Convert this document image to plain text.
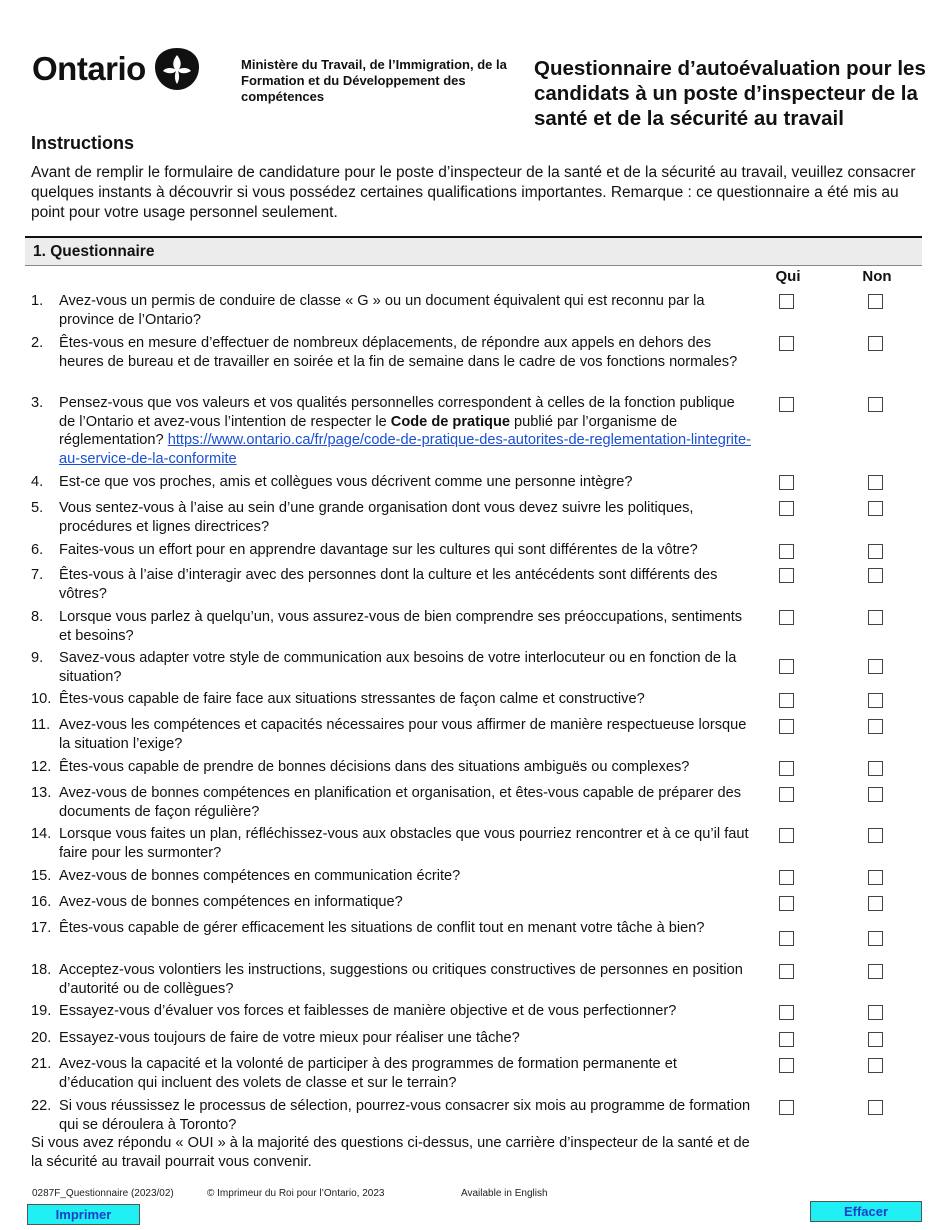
Ontario	Ministère du Travail, de l’Immigration, de la Formation et du Développement des compétences
Questionnaire d’autoévaluation pour les candidats à un poste d’inspecteur de la santé et de la sécurité au travail
Instructions
Avant de remplir le formulaire de candidature pour le poste d’inspecteur de la santé et de la sécurité au travail, veuillez consacrer quelques instants à découvrir si vous possédez certaines qualifications importantes. Remarque : ce questionnaire a été mis au point pour votre usage personnel seulement.
1. Questionnaire
Qui	Non
1.	Avez-vous un permis de conduire de classe « G » ou un document équivalent qui est reconnu par la province de l’Ontario?
2.	Êtes-vous en mesure d’effectuer de nombreux déplacements, de répondre aux appels en dehors des heures de bureau et de travailler en soirée et la fin de semaine dans le cadre de vos fonctions normales?
3.	Pensez-vous que vos valeurs et vos qualités personnelles correspondent à celles de la fonction publique de l’Ontario et avez-vous l’intention de respecter le Code de pratique publié par l’organisme de réglementation? https://www.ontario.ca/fr/page/code-de-pratique-des-autorites-de-reglementation-lintegrite-au-service-de-la-conformite
4.	Est-ce que vos proches, amis et collègues vous décrivent comme une personne intègre?
5.	Vous sentez-vous à l’aise au sein d’une grande organisation dont vous devez suivre les politiques, procédures et lignes directrices?
6.	Faites-vous un effort pour en apprendre davantage sur les cultures qui sont différentes de la vôtre?
7.	Êtes-vous à l’aise d’interagir avec des personnes dont la culture et les antécédents sont différents des vôtres?
8.	Lorsque vous parlez à quelqu’un, vous assurez-vous de bien comprendre ses préoccupations, sentiments et besoins?
9.	Savez-vous adapter votre style de communication aux besoins de votre interlocuteur ou en fonction de la situation?
10. Êtes-vous capable de faire face aux situations stressantes de façon calme et constructive?
11. Avez-vous les compétences et capacités nécessaires pour vous affirmer de manière respectueuse lorsque la situation l’exige?
12. Êtes-vous capable de prendre de bonnes décisions dans des situations ambiguës ou complexes?
13. Avez-vous de bonnes compétences en planification et organisation, et êtes-vous capable de préparer des documents de façon régulière?
14. Lorsque vous faites un plan, réfléchissez-vous aux obstacles que vous pourriez rencontrer et à ce qu’il faut faire pour les surmonter?
15. Avez-vous de bonnes compétences en communication écrite?
16. Avez-vous de bonnes compétences en informatique?
17. Êtes-vous capable de gérer efficacement les situations de conflit tout en menant votre tâche à bien?
18. Acceptez-vous volontiers les instructions, suggestions ou critiques constructives de personnes en position d’autorité ou de collègues?
19. Essayez-vous d’évaluer vos forces et faiblesses de manière objective et de vous perfectionner?
20. Essayez-vous toujours de faire de votre mieux pour réaliser une tâche?
21. Avez-vous la capacité et la volonté de participer à des programmes de formation permanente et d’éducation qui incluent des volets de classe et sur le terrain?
22. Si vous réussissez le processus de sélection, pourrez-vous consacrer six mois au programme de formation qui se déroulera à Toronto?
Si vous avez répondu « OUI » à la majorité des questions ci-dessus, une carrière d’inspecteur de la santé et de la sécurité au travail pourrait vous convenir.
0287F_Questionnaire (2023/02)	© Imprimeur du Roi pour l’Ontario, 2023	Available in English
Imprimer	Effacer
